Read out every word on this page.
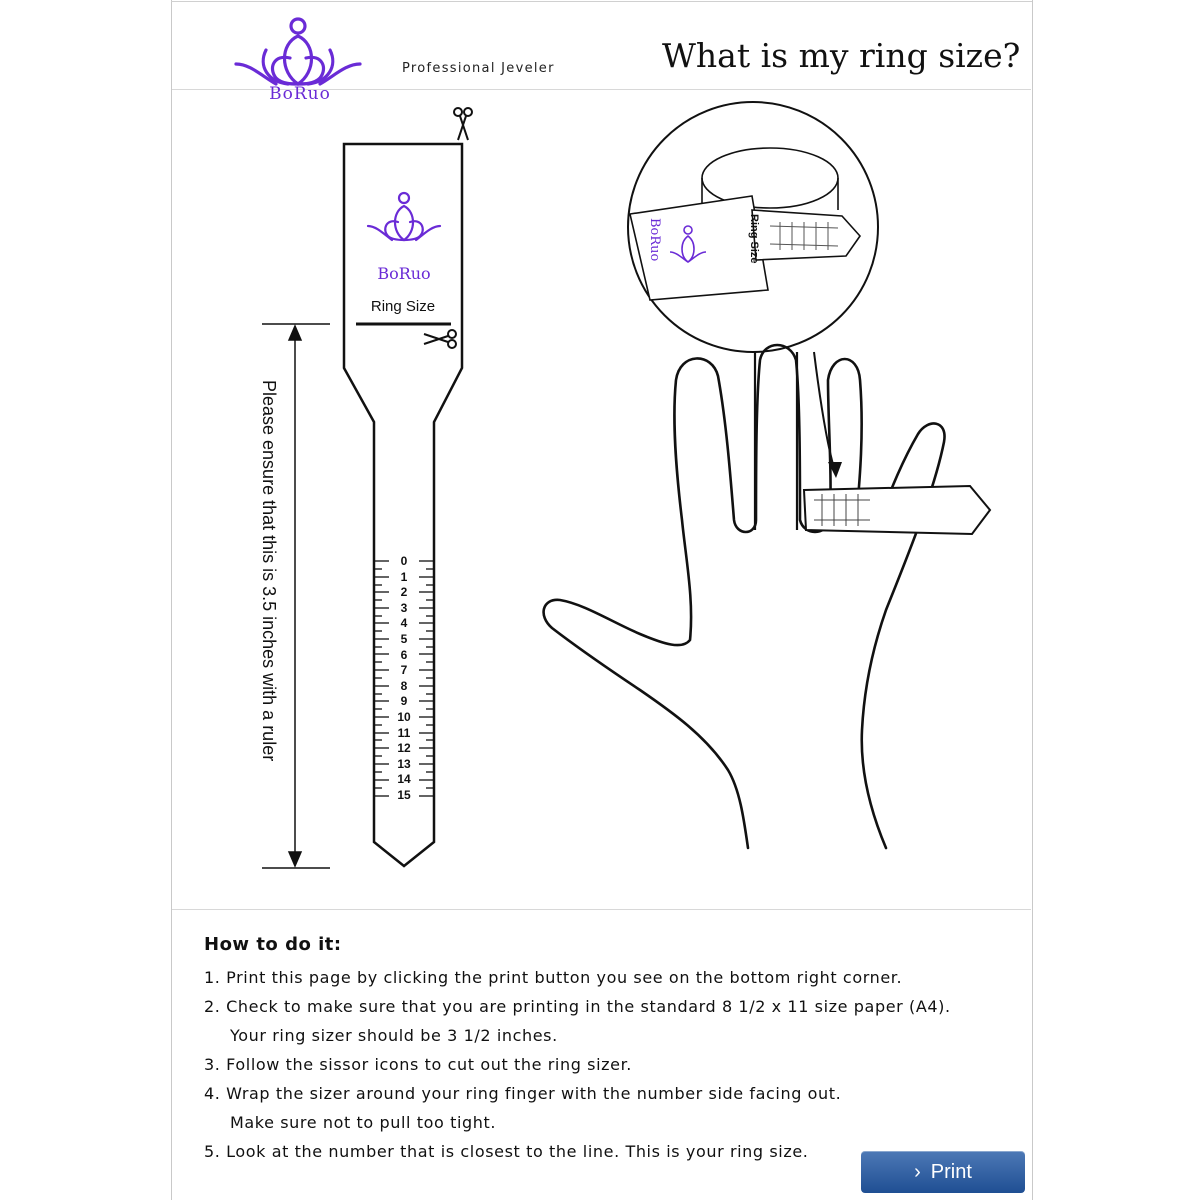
BoRuo
Professional Jeveler	What is my ring size?
BoRuo
Ring Size
Please ensure that this is 3.5 inches with a ruler	0
1
2
3
4
5
6
7
8
9
10
11
12
13
14
15
BoRuo	Ring Size
How to do it:
1. Print this page by clicking the print button you see on the bottom right corner.
2. Check to make sure that you are printing in the standard 8 1/2 x 11 size paper (A4).
Your ring sizer should be 3 1/2 inches.
3. Follow the sissor icons to cut out the ring sizer.
4. Wrap the sizer around your ring finger with the number side facing out.
Make sure not to pull too tight.
5. Look at the number that is closest to the line. This is your ring size.
› Print
